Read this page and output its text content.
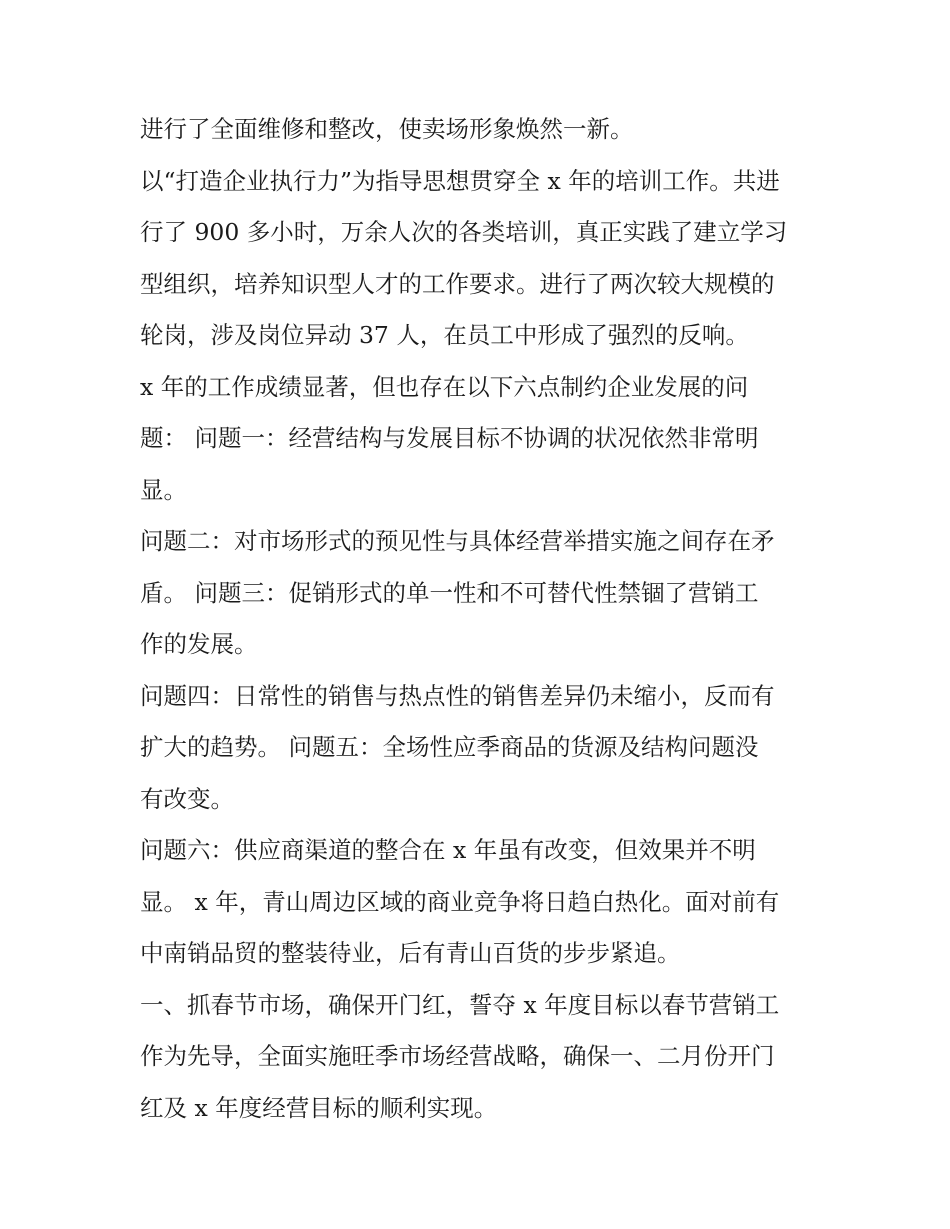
进行了全面维修和整改，使卖场形象焕然一新。
以“打造企业执行力”为指导思想贯穿全 x 年的培训工作。共进
行了 900 多小时，万余人次的各类培训，真正实践了建立学习
型组织，培养知识型人才的工作要求。进行了两次较大规模的
轮岗，涉及岗位异动 37 人，在员工中形成了强烈的反响。
x 年的工作成绩显著，但也存在以下六点制约企业发展的问
题： 问题一：经营结构与发展目标不协调的状况依然非常明
显。
问题二：对市场形式的预见性与具体经营举措实施之间存在矛
盾。 问题三：促销形式的单一性和不可替代性禁锢了营销工
作的发展。
问题四：日常性的销售与热点性的销售差异仍未缩小，反而有
扩大的趋势。 问题五：全场性应季商品的货源及结构问题没
有改变。
问题六：供应商渠道的整合在 x 年虽有改变，但效果并不明
显。 x 年，青山周边区域的商业竞争将日趋白热化。面对前有
中南销品贸的整装待业，后有青山百货的步步紧追。
一、抓春节市场，确保开门红，誓夺 x 年度目标以春节营销工
作为先导，全面实施旺季市场经营战略，确保一、二月份开门
红及 x 年度经营目标的顺利实现。
